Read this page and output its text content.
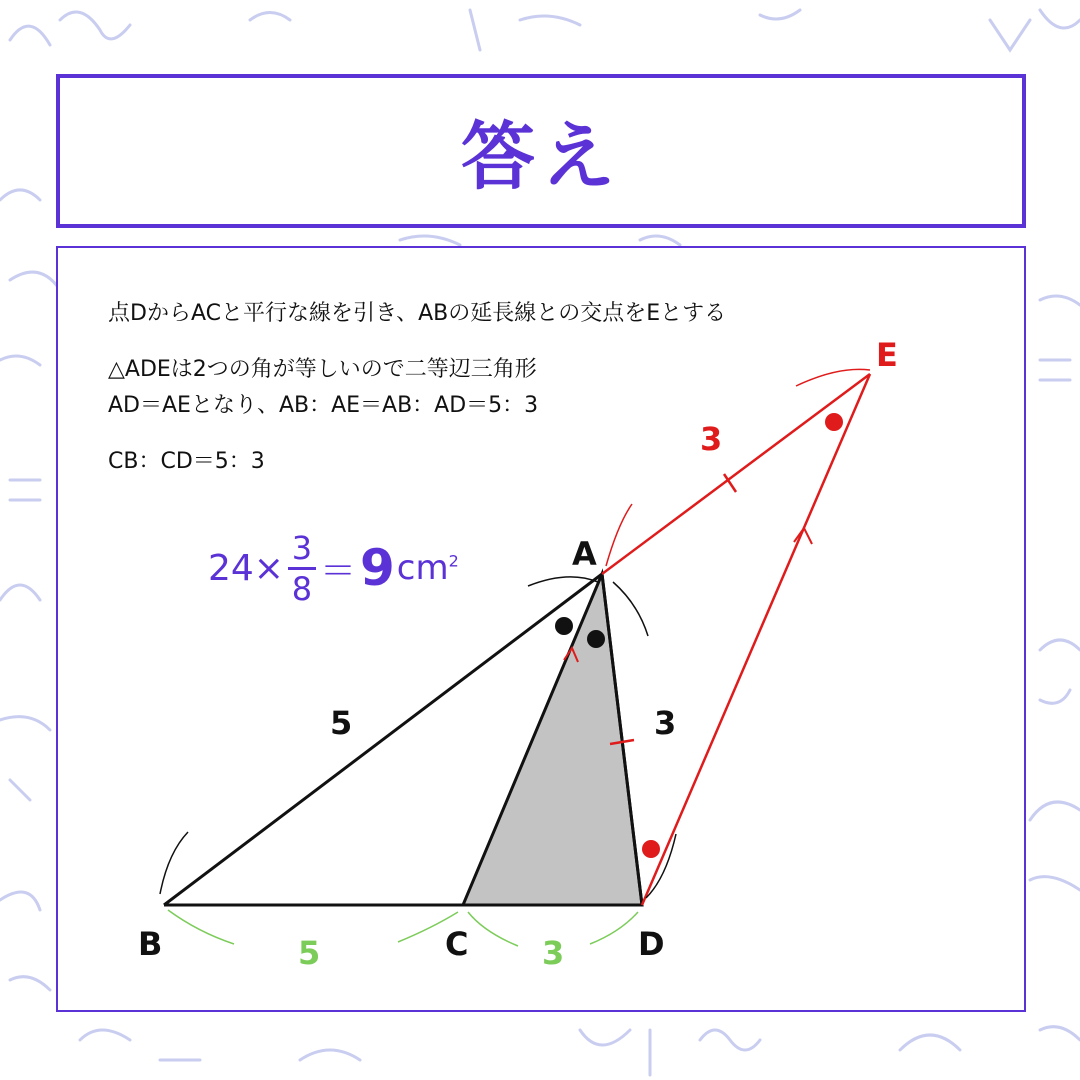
答え
点DからACと平行な線を引き、ABの延長線との交点をEとする
△ADEは2つの角が等しいので二等辺三角形
AD＝AEとなり、AB：AE＝AB：AD＝5：3
CB：CD＝5：3
$24\times \frac{3}{8} = 9$ $cm^2$	A
B	C	D
E
5	3
3
5	3
